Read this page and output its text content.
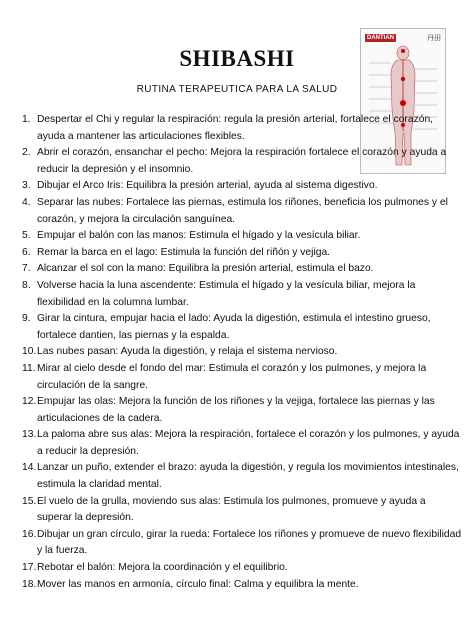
SHIBASHI
RUTINA TERAPEUTICA PARA LA SALUD
DANTIAN	丹田
1. Despertar el Chi y regular la respiración: regula la presión arterial, fortalece el corazón, ayuda a mantener las articulaciones flexibles.
2. Abrir el corazón, ensanchar el pecho: Mejora la respiración fortalece el corazón y ayuda a reducir la depresión y el insomnio.
3. Dibujar el Arco Iris: Equilibra la presión arterial, ayuda al sistema digestivo.
4. Separar las nubes: Fortalece las piernas, estimula los riñones, beneficia los pulmones y el corazón, y mejora la circulación sanguínea.
5. Empujar el balón con las manos: Estimula el hígado y la vesícula biliar.
6. Remar la barca en el lago: Estimula la función del riñón y vejiga.
7. Alcanzar el sol con la mano: Equilibra la presión arterial, estimula el bazo.
8. Volverse hacia la luna ascendente: Estimula el hígado y la vesícula biliar, mejora la flexibilidad en la columna lumbar.
9. Girar la cintura, empujar hacia el lado: Ayuda la digestión, estimula el intestino grueso, fortalece dantien, las piernas y la espalda.
10. Las nubes pasan: Ayuda la digestión, y relaja el sistema nervioso.
11. Mirar al cielo desde el fondo del mar: Estimula el corazón y los pulmones, y mejora la circulación de la sangre.
12. Empujar las olas: Mejora la función de los riñones y la vejiga, fortalece las piernas y las articulaciones de la cadera.
13. La paloma abre sus alas: Mejora la respiración, fortalece el corazón y los pulmones, y ayuda a reducir la depresión.
14. Lanzar un puño, extender el brazo: ayuda la digestión, y regula los movimientos intestinales, estimula la claridad mental.
15. El vuelo de la grulla, moviendo sus alas: Estimula los pulmones, promueve y ayuda a superar la depresión.
16. Dibujar un gran círculo, girar la rueda: Fortalece los riñones y promueve de nuevo flexibilidad y la fuerza.
17. Rebotar el balón: Mejora la coordinación y el equilibrio.
18. Mover las manos en armonía, círculo final: Calma y equilibra la mente.
